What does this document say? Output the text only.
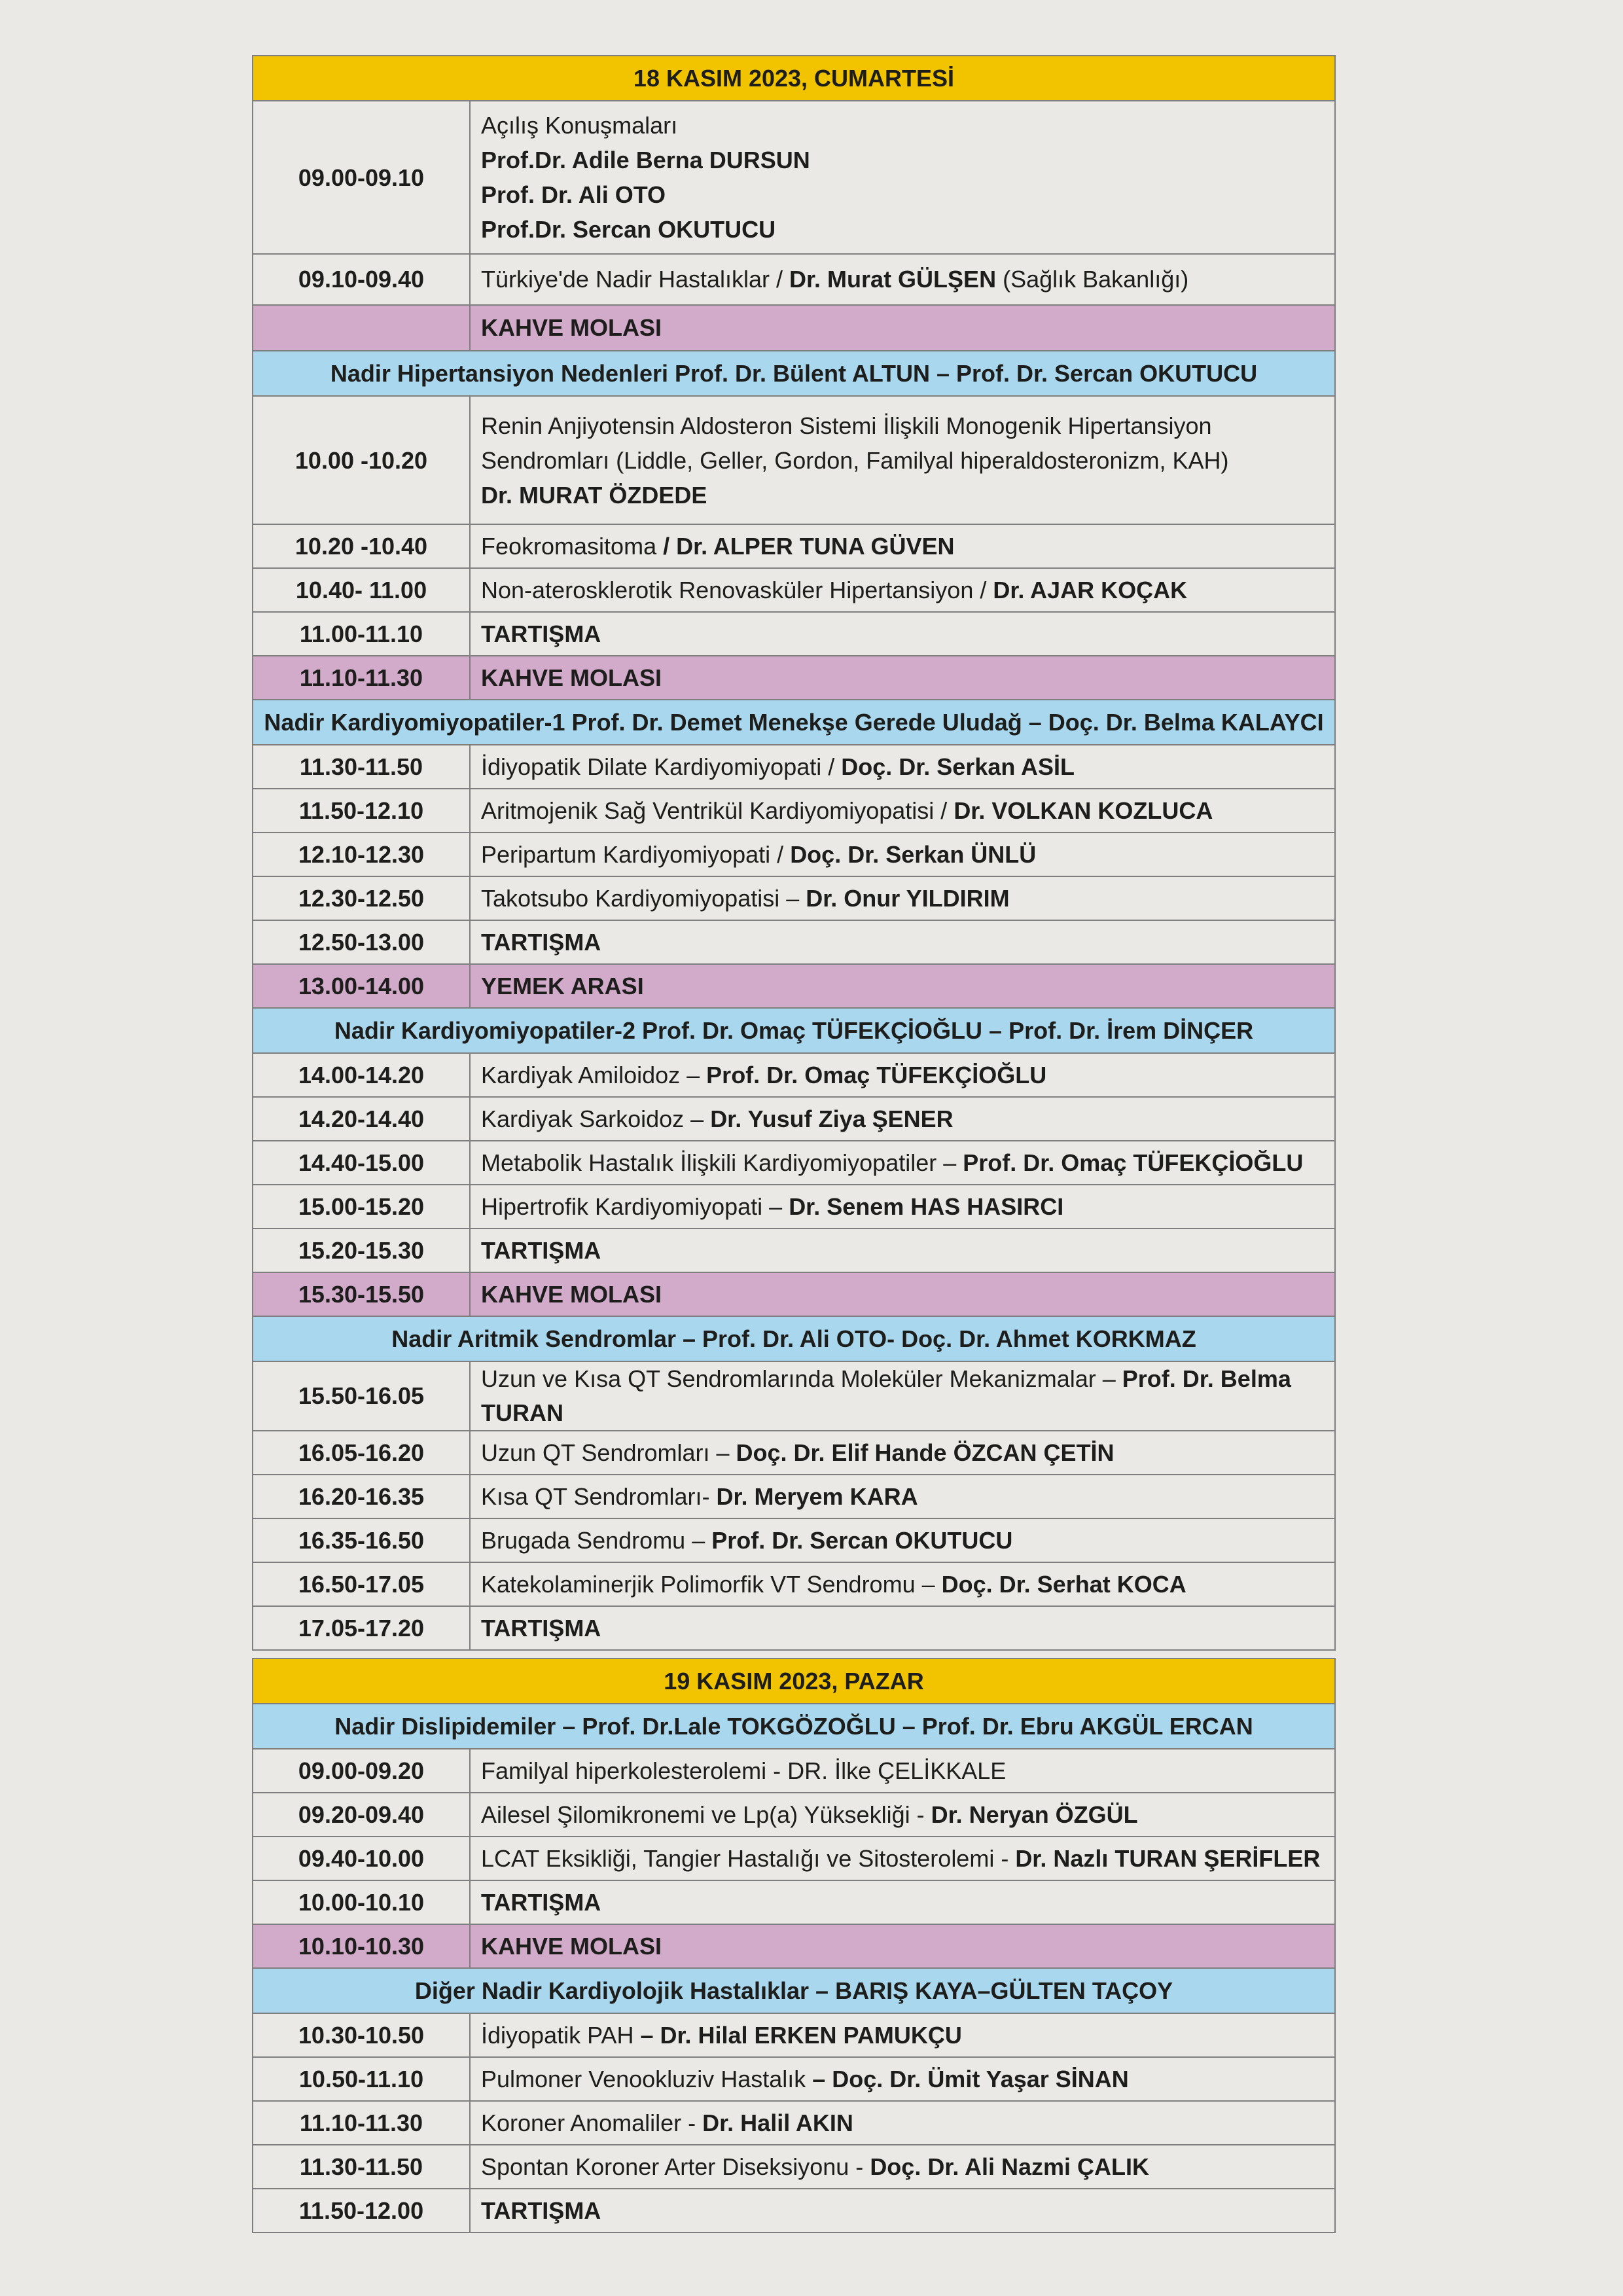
18 KASIM 2023, CUMARTESİ	
09.00-09.10	Açılış Konuşmaları
Prof.Dr. Adile Berna DURSUN
Prof. Dr. Ali OTO
Prof.Dr. Sercan OKUTUCU

09.10-09.40	Türkiye'de Nadir Hastalıklar / Dr. Murat GÜLŞEN (Sağlık Bakanlığı)
	KAHVE MOLASI
Nadir Hipertansiyon Nedenleri Prof. Dr. Bülent ALTUN – Prof. Dr. Sercan OKUTUCU	
10.00 -10.20	Renin Anjiyotensin Aldosteron Sistemi İlişkili Monogenik Hipertansiyon
Sendromları (Liddle, Geller, Gordon, Familyal hiperaldosteronizm, KAH)
Dr. MURAT ÖZDEDE

10.20 -10.40	Feokromasitoma / Dr. ALPER TUNA GÜVEN
10.40- 11.00	Non-aterosklerotik Renovasküler Hipertansiyon / Dr. AJAR KOÇAK
11.00-11.10	TARTIŞMA
11.10-11.30	KAHVE MOLASI
Nadir Kardiyomiyopatiler-1 Prof. Dr. Demet Menekşe Gerede Uludağ – Doç. Dr. Belma KALAYCI	
11.30-11.50	İdiyopatik Dilate Kardiyomiyopati / Doç. Dr. Serkan ASİL
11.50-12.10	Aritmojenik Sağ Ventrikül Kardiyomiyopatisi / Dr. VOLKAN KOZLUCA
12.10-12.30	Peripartum Kardiyomiyopati / Doç. Dr. Serkan ÜNLÜ
12.30-12.50	Takotsubo Kardiyomiyopatisi – Dr. Onur YILDIRIM
12.50-13.00	TARTIŞMA
13.00-14.00	YEMEK ARASI
Nadir Kardiyomiyopatiler-2 Prof. Dr. Omaç TÜFEKÇİOĞLU – Prof. Dr. İrem DİNÇER	
14.00-14.20	Kardiyak Amiloidoz – Prof. Dr. Omaç TÜFEKÇİOĞLU
14.20-14.40	Kardiyak Sarkoidoz – Dr. Yusuf Ziya ŞENER
14.40-15.00	Metabolik Hastalık İlişkili Kardiyomiyopatiler – Prof. Dr. Omaç TÜFEKÇİOĞLU
15.00-15.20	Hipertrofik Kardiyomiyopati – Dr. Senem HAS HASIRCI
15.20-15.30	TARTIŞMA
15.30-15.50	KAHVE MOLASI
Nadir Aritmik Sendromlar – Prof. Dr. Ali OTO- Doç. Dr. Ahmet KORKMAZ	
15.50-16.05	Uzun ve Kısa QT Sendromlarında Moleküler Mekanizmalar – Prof. Dr. Belma TURAN
16.05-16.20	Uzun QT Sendromları – Doç. Dr. Elif Hande ÖZCAN ÇETİN
16.20-16.35	Kısa QT Sendromları- Dr. Meryem KARA
16.35-16.50	Brugada Sendromu – Prof. Dr. Sercan OKUTUCU
16.50-17.05	Katekolaminerjik Polimorfik VT Sendromu – Doç. Dr. Serhat KOCA
17.05-17.20	TARTIŞMA
19 KASIM 2023, PAZAR	
Nadir Dislipidemiler – Prof. Dr.Lale TOKGÖZOĞLU – Prof. Dr. Ebru AKGÜL ERCAN	
09.00-09.20	Familyal hiperkolesterolemi - DR. İlke ÇELİKKALE
09.20-09.40	Ailesel Şilomikronemi ve Lp(a) Yüksekliği - Dr. Neryan ÖZGÜL
09.40-10.00	LCAT Eksikliği, Tangier Hastalığı ve Sitosterolemi - Dr. Nazlı TURAN ŞERİFLER
10.00-10.10	TARTIŞMA
10.10-10.30	KAHVE MOLASI
Diğer Nadir Kardiyolojik Hastalıklar – BARIŞ KAYA–GÜLTEN TAÇOY	
10.30-10.50	İdiyopatik PAH – Dr. Hilal ERKEN PAMUKÇU
10.50-11.10	Pulmoner Venookluziv Hastalık – Doç. Dr. Ümit Yaşar SİNAN
11.10-11.30	Koroner Anomaliler - Dr. Halil AKIN
11.30-11.50	Spontan Koroner Arter Diseksiyonu - Doç. Dr. Ali Nazmi ÇALIK
11.50-12.00	TARTIŞMA
